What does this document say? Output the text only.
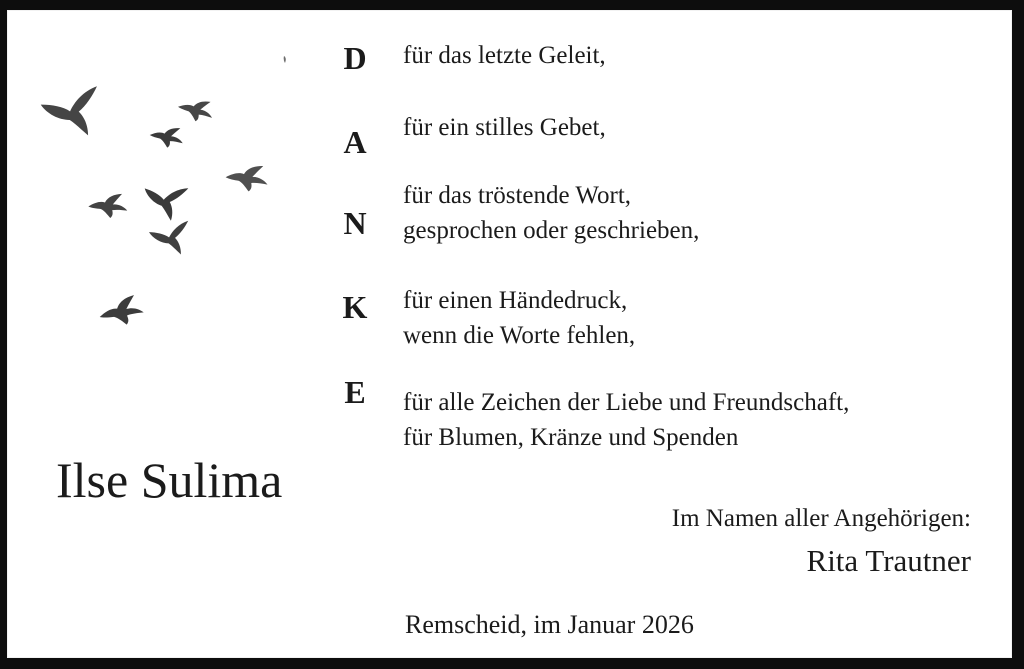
D für das letzte Geleit,
A für ein stilles Gebet,
N
für das tröstende Wort,
gesprochen oder geschrieben,
K für einen Händedruck,
wenn die Worte fehlen,
E für alle Zeichen der Liebe und Freundschaft,
für Blumen, Kränze und Spenden
Ilse Sulima
Im Namen aller Angehörigen:
Rita Trautner
Remscheid, im Januar 2026
